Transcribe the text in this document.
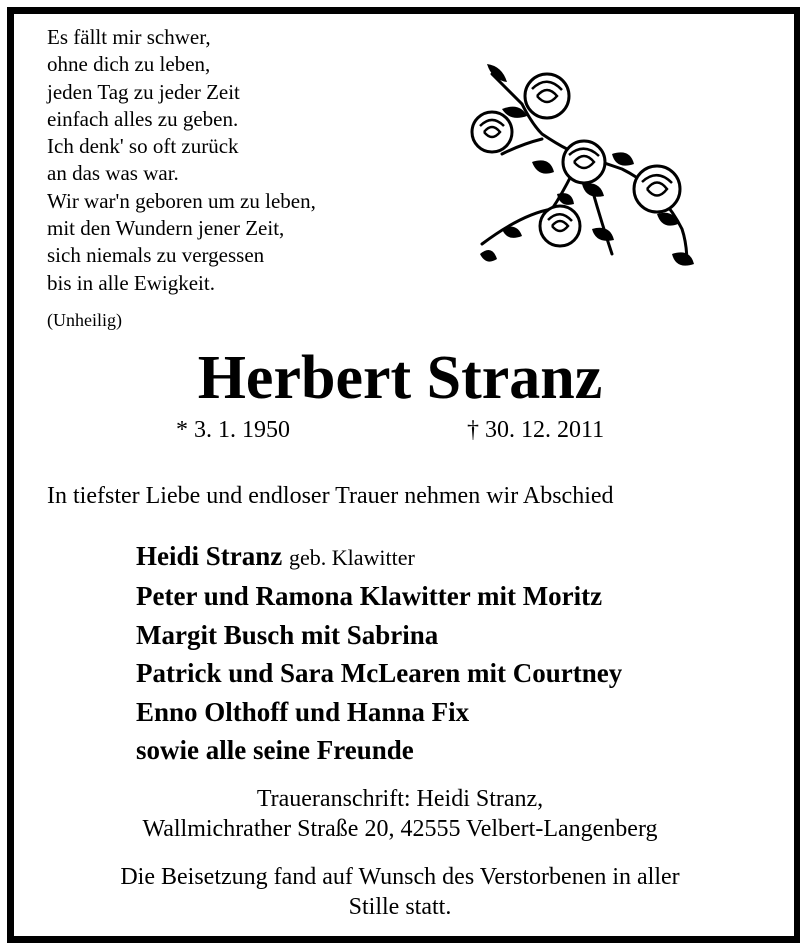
Es fällt mir schwer,
ohne dich zu leben,
jeden Tag zu jeder Zeit
einfach alles zu geben.
Ich denk' so oft zurück
an das was war.
Wir war'n geboren um zu leben,
mit den Wundern jener Zeit,
sich niemals zu vergessen
bis in alle Ewigkeit.
(Unheilig)
Herbert Stranz
* 3. 1. 1950	† 30. 12. 2011
In tiefster Liebe und endloser Trauer nehmen wir Abschied
Heidi Stranz geb. Klawitter
Peter und Ramona Klawitter mit Moritz
Margit Busch mit Sabrina
Patrick und Sara McLearen mit Courtney
Enno Olthoff und Hanna Fix
sowie alle seine Freunde
Traueranschrift: Heidi Stranz,
Wallmichrather Straße 20, 42555 Velbert-Langenberg
Die Beisetzung fand auf Wunsch des Verstorbenen in aller
Stille statt.
